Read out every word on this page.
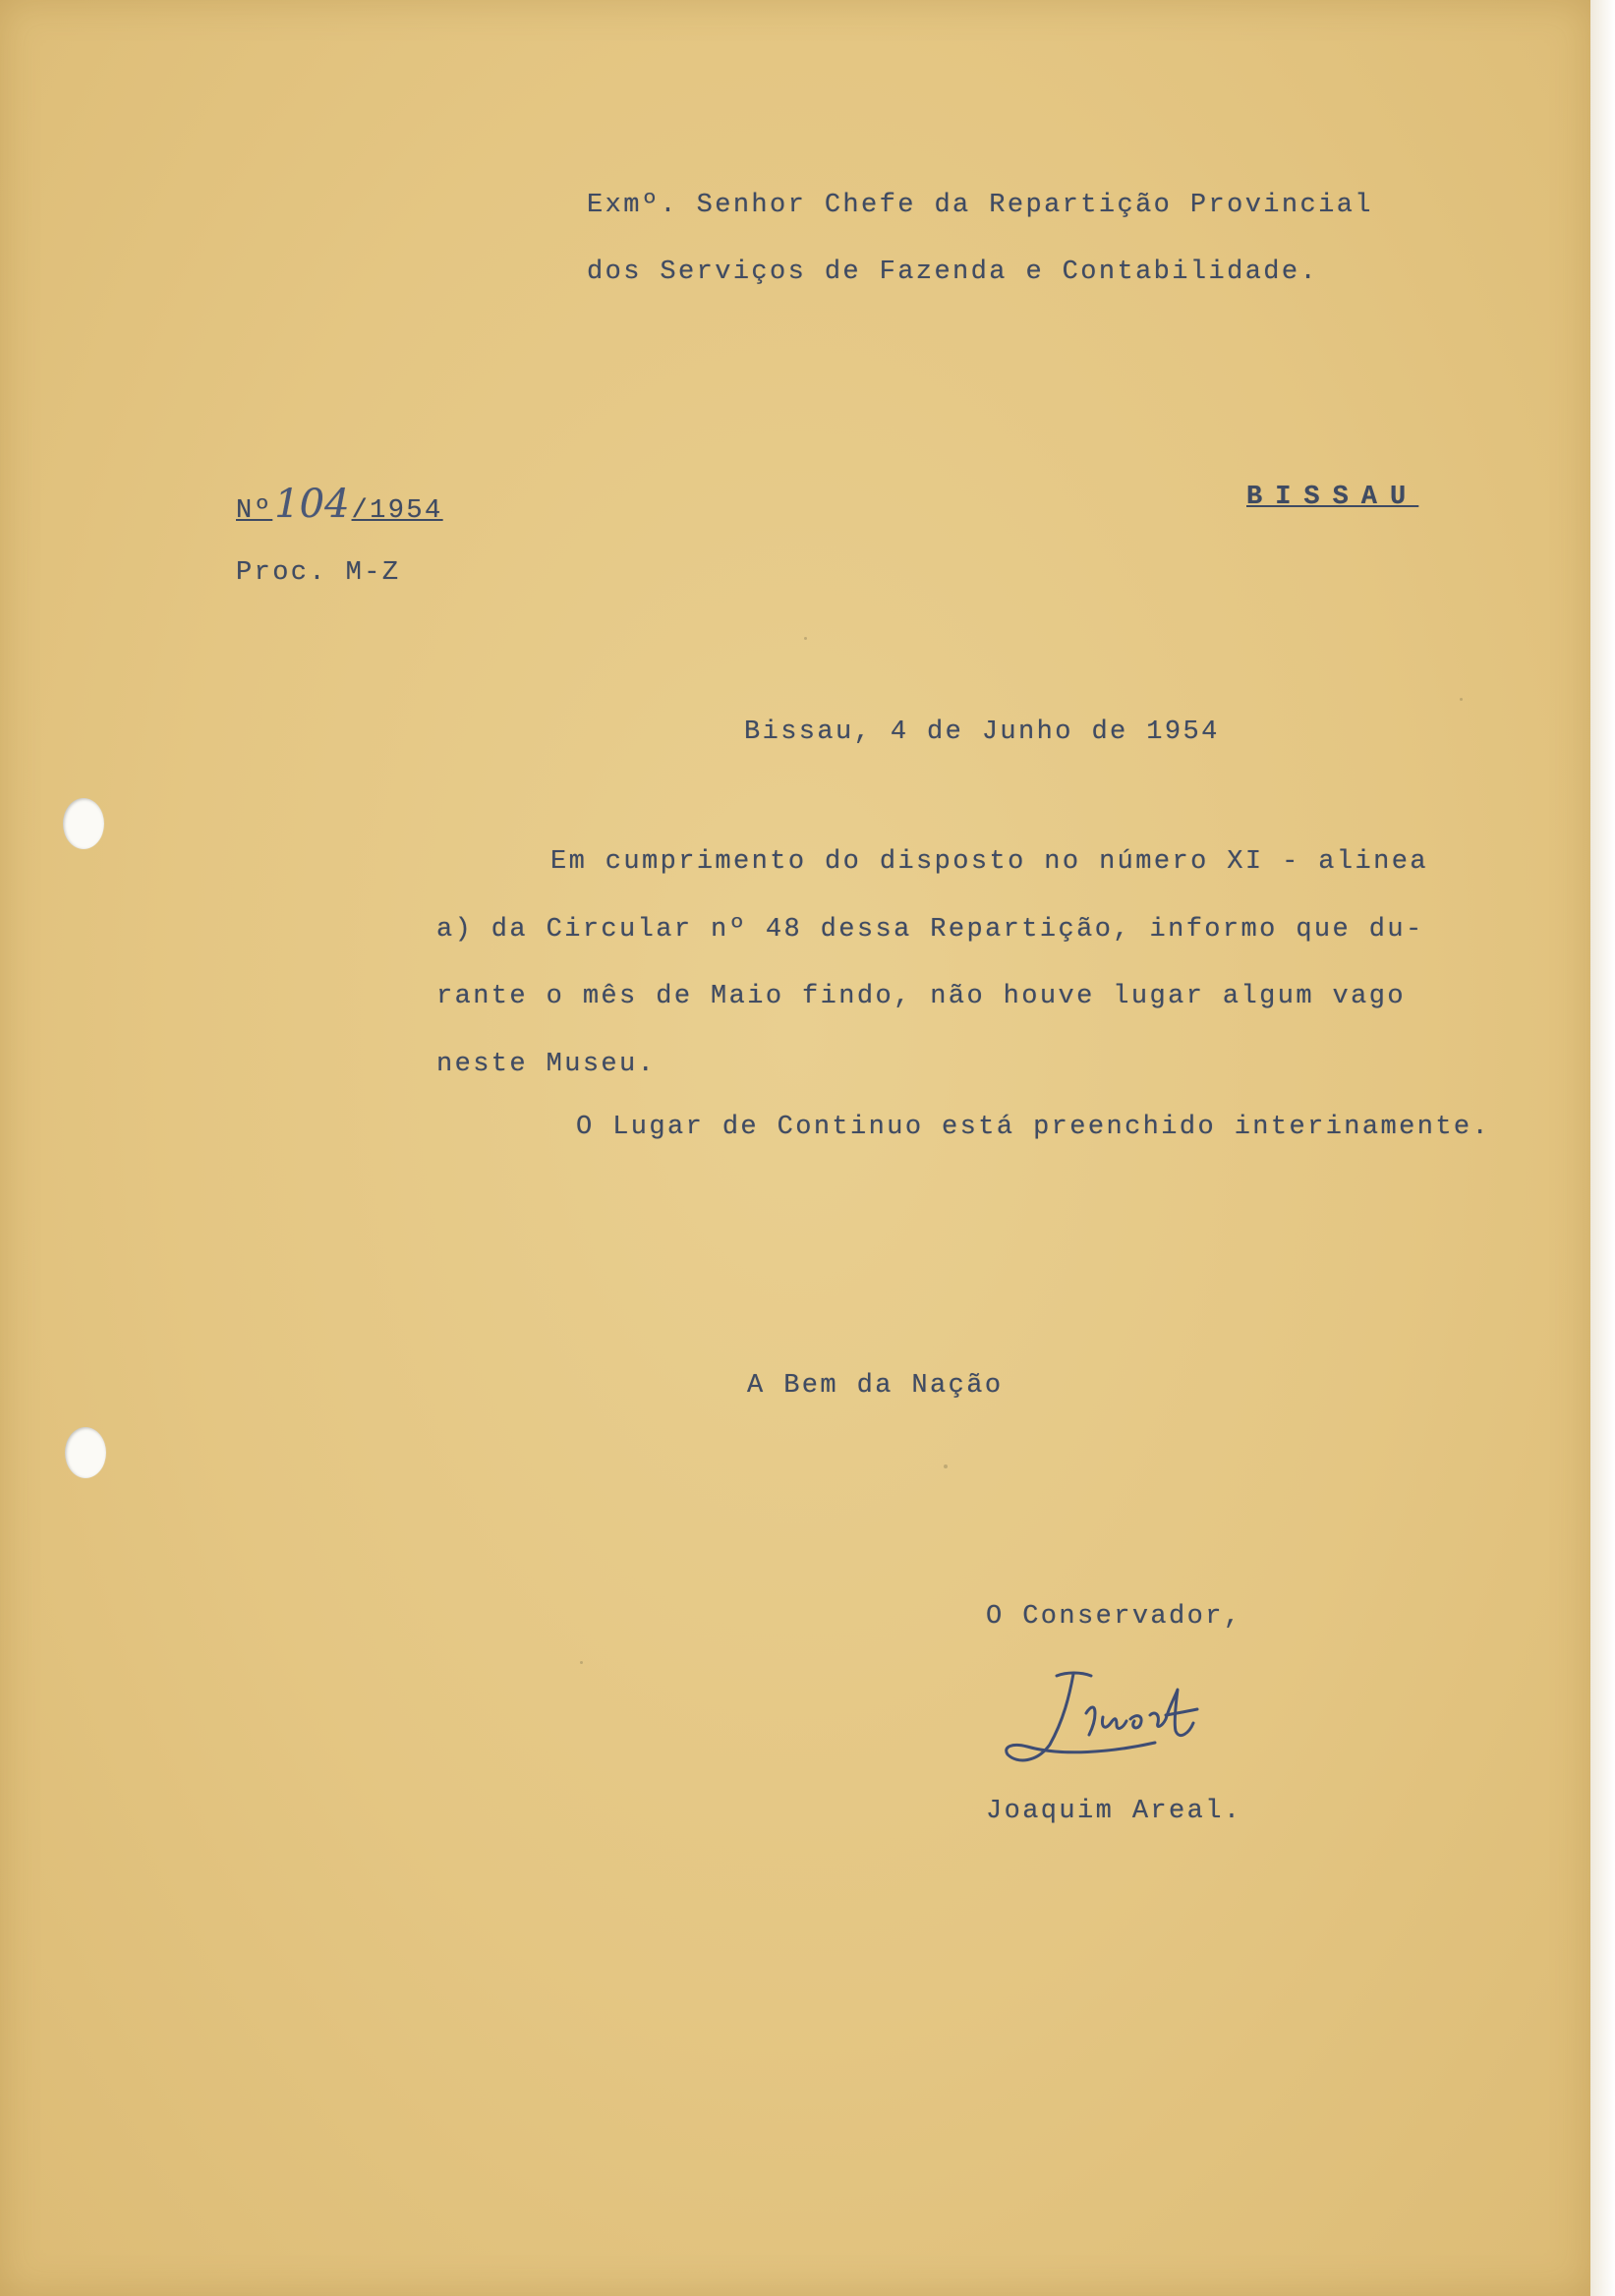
Exmº. Senhor Chefe da Repartição Provincial

dos Serviços de Fazenda e Contabilidade.

Nº104/1954

Proc. M-Z

BISSAU

Bissau, 4 de Junho de 1954

Em cumprimento do disposto no número XI - alinea

a) da Circular nº 48 dessa Repartição, informo que du-

rante o mês de Maio findo, não houve lugar algum vago

neste Museu.

O Lugar de Continuo está preenchido interinamente.

A Bem da Nação

O Conservador,

Joaquim Areal.
